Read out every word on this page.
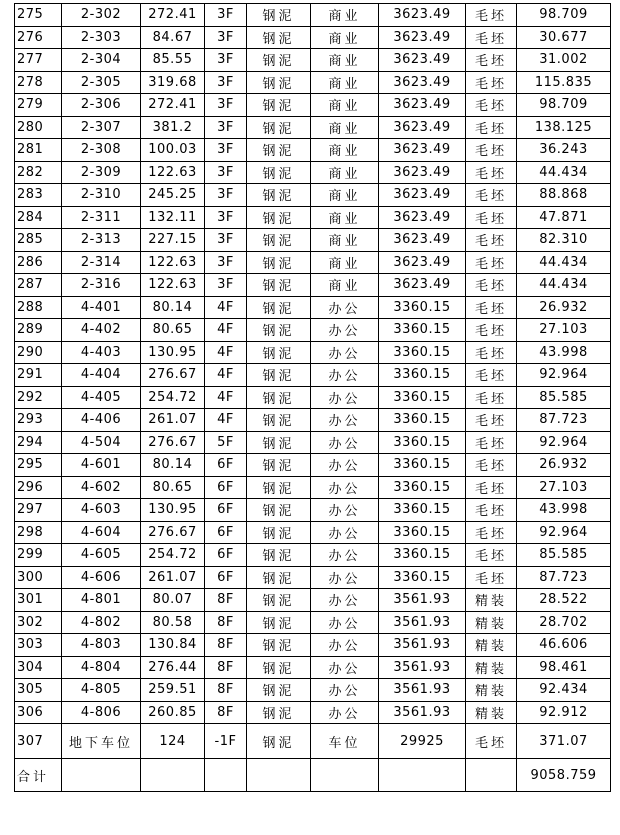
275	2-302	272.41	3F	钢泥	商业	3623.49	毛坯	98.709
276	2-303	84.67	3F	钢泥	商业	3623.49	毛坯	30.677
277	2-304	85.55	3F	钢泥	商业	3623.49	毛坯	31.002
278	2-305	319.68	3F	钢泥	商业	3623.49	毛坯	115.835
279	2-306	272.41	3F	钢泥	商业	3623.49	毛坯	98.709
280	2-307	381.2	3F	钢泥	商业	3623.49	毛坯	138.125
281	2-308	100.03	3F	钢泥	商业	3623.49	毛坯	36.243
282	2-309	122.63	3F	钢泥	商业	3623.49	毛坯	44.434
283	2-310	245.25	3F	钢泥	商业	3623.49	毛坯	88.868
284	2-311	132.11	3F	钢泥	商业	3623.49	毛坯	47.871
285	2-313	227.15	3F	钢泥	商业	3623.49	毛坯	82.310
286	2-314	122.63	3F	钢泥	商业	3623.49	毛坯	44.434
287	2-316	122.63	3F	钢泥	商业	3623.49	毛坯	44.434
288	4-401	80.14	4F	钢泥	办公	3360.15	毛坯	26.932
289	4-402	80.65	4F	钢泥	办公	3360.15	毛坯	27.103
290	4-403	130.95	4F	钢泥	办公	3360.15	毛坯	43.998
291	4-404	276.67	4F	钢泥	办公	3360.15	毛坯	92.964
292	4-405	254.72	4F	钢泥	办公	3360.15	毛坯	85.585
293	4-406	261.07	4F	钢泥	办公	3360.15	毛坯	87.723
294	4-504	276.67	5F	钢泥	办公	3360.15	毛坯	92.964
295	4-601	80.14	6F	钢泥	办公	3360.15	毛坯	26.932
296	4-602	80.65	6F	钢泥	办公	3360.15	毛坯	27.103
297	4-603	130.95	6F	钢泥	办公	3360.15	毛坯	43.998
298	4-604	276.67	6F	钢泥	办公	3360.15	毛坯	92.964
299	4-605	254.72	6F	钢泥	办公	3360.15	毛坯	85.585
300	4-606	261.07	6F	钢泥	办公	3360.15	毛坯	87.723
301	4-801	80.07	8F	钢泥	办公	3561.93	精装	28.522
302	4-802	80.58	8F	钢泥	办公	3561.93	精装	28.702
303	4-803	130.84	8F	钢泥	办公	3561.93	精装	46.606
304	4-804	276.44	8F	钢泥	办公	3561.93	精装	98.461
305	4-805	259.51	8F	钢泥	办公	3561.93	精装	92.434
306	4-806	260.85	8F	钢泥	办公	3561.93	精装	92.912
307	地下车位	124	-1F	钢泥	车位	29925	毛坯	371.07
合计								9058.759
